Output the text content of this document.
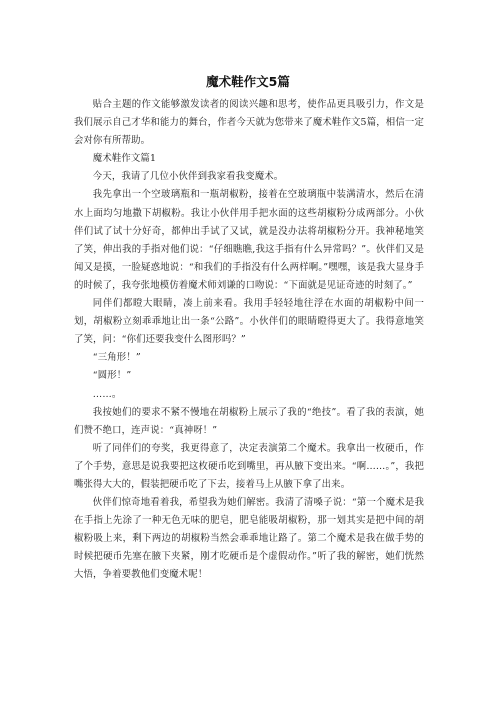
魔术鞋作文5篇

贴合主题的作文能够激发读者的阅读兴趣和思考，使作品更具吸引力，作文是我们展示自己才华和能力的舞台，作者今天就为您带来了魔术鞋作文5篇，相信一定会对你有所帮助。

魔术鞋作文篇1

今天，我请了几位小伙伴到我家看我变魔术。

我先拿出一个空玻璃瓶和一瓶胡椒粉，接着在空玻璃瓶中装满清水，然后在清水上面均匀地撒下胡椒粉。我让小伙伴用手把水面的这些胡椒粉分成两部分。小伙伴们试了试十分好奇，都伸出手试了又试，就是没办法将胡椒粉分开。我神秘地笑了笑，伸出我的手指对他们说：“仔细瞧瞧,我这手指有什么异常吗？”。伙伴们又是闻又是摸，一脸疑惑地说：“和我们的手指没有什么两样啊。”嘿嘿，该是我大显身手的时候了，我夸张地模仿着魔术师刘谦的口吻说：“下面就是见证奇迹的时刻了。”

同伴们都瞪大眼睛，凑上前来看。我用手轻轻地往浮在水面的胡椒粉中间一划，胡椒粉立刻乖乖地让出一条“公路”。小伙伴们的眼睛瞪得更大了。我得意地笑了笑，问：“你们还要我变什么图形吗？”

“三角形！”

“圆形！”

……。

我按她们的要求不紧不慢地在胡椒粉上展示了我的“绝技”。看了我的表演，她们赞不绝口，连声说：“真神呀！”

听了同伴们的夸奖，我更得意了，决定表演第二个魔术。我拿出一枚硬币，作了个手势，意思是说我要把这枚硬币吃到嘴里，再从腋下变出来。“啊……。”，我把嘴张得大大的，假装把硬币吃了下去，接着马上从腋下拿了出来。

伙伴们惊奇地看着我，希望我为她们解密。我清了清嗓子说：“第一个魔术是我在手指上先涂了一种无色无味的肥皂，肥皂能吸胡椒粉，那一划其实是把中间的胡椒粉吸上来，剩下两边的胡椒粉当然会乖乖地让路了。第二个魔术是我在做手势的时候把硬币先塞在腋下夹紧，刚才吃硬币是个虚假动作。”听了我的解密，她们恍然大悟，争着要教他们变魔术呢！
